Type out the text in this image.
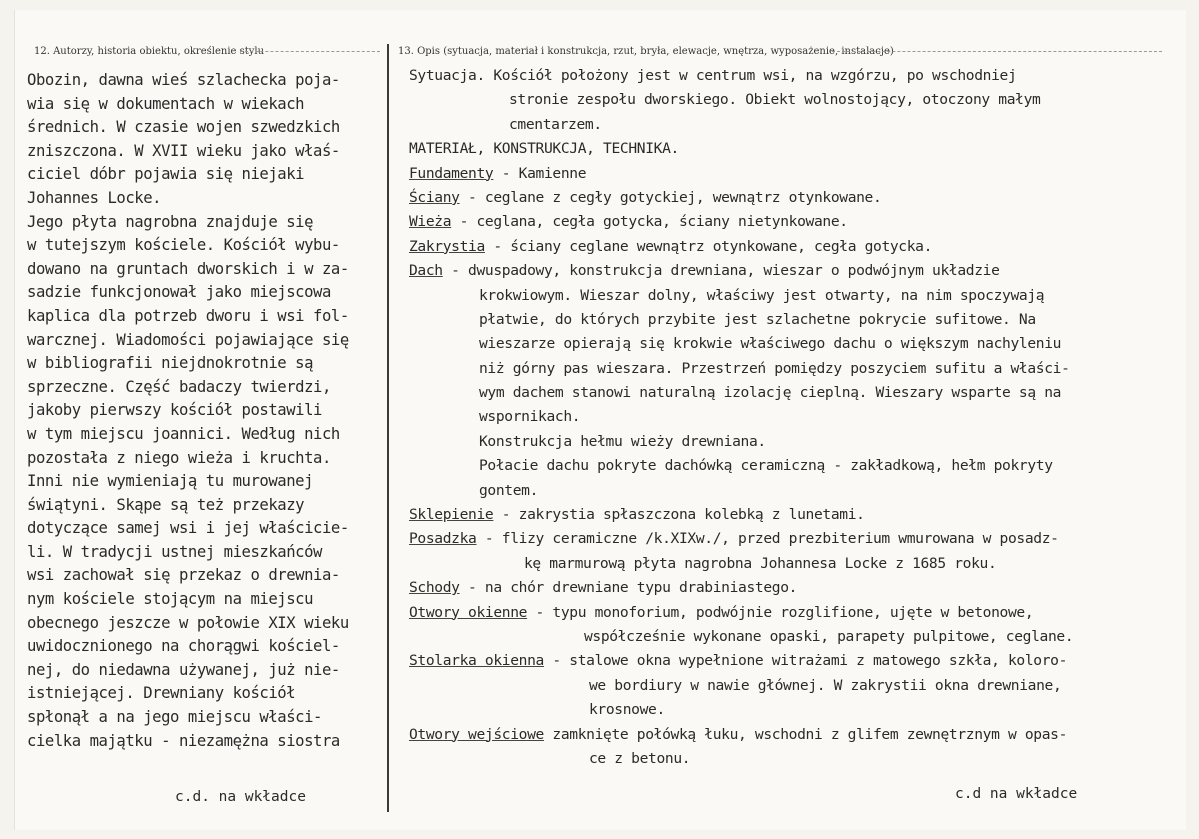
12. Autorzy, historia obiektu, określenie stylu	13. Opis (sytuacja, materiał i konstrukcja, rzut, bryła, elewacje, wnętrza, wyposażenie, instalacje)
Obozin, dawna wieś szlachecka poja-
wia się w dokumentach w wiekach
średnich. W czasie wojen szwedzkich
zniszczona. W XVII wieku jako właś-
ciciel dóbr pojawia się niejaki
Johannes Locke.
Jego płyta nagrobna znajduje się
w tutejszym kościele. Kościół wybu-
dowano na gruntach dworskich i w za-
sadzie funkcjonował jako miejscowa
kaplica dla potrzeb dworu i wsi fol-
warcznej. Wiadomości pojawiające się
w bibliografii niejdnokrotnie są
sprzeczne. Część badaczy twierdzi,
jakoby pierwszy kościół postawili
w tym miejscu joannici. Według nich
pozostała z niego wieża i kruchta.
Inni nie wymieniają tu murowanej
świątyni. Skąpe są też przekazy
dotyczące samej wsi i jej właściciе-
li. W tradycji ustnej mieszkańców
wsi zachował się przekaz o drewnia-
nym kościele stojącym na miejscu
obecnego jeszcze w połowie XIX wieku
uwidocznionego na chorągwi kościel-
nej, do niedawna używanej, już nie-
istniejącej. Drewniany kościół
spłonął a na jego miejscu właści-
cielka majątku - niezamężna siostra
c.d. na wkładce
Sytuacja. Kościół położony jest w centrum wsi, na wzgórzu, po wschodniej
stronie zespołu dworskiego. Obiekt wolnostojący, otoczony małym
cmentarzem.
MATERIAŁ, KONSTRUKCJA, TECHNIKA.
Fundamenty - Kamienne
Ściany - ceglane z cegły gotyckiej, wewnątrz otynkowane.
Wieża - ceglana, cegła gotycka, ściany nietynkowane.
Zakrystia - ściany ceglane wewnątrz otynkowane, cegła gotycka.
Dach - dwuspadowy, konstrukcja drewniana, wieszar o podwójnym układzie
krokwiowym. Wieszar dolny, właściwy jest otwarty, na nim spoczywają
płatwie, do których przybite jest szlachetne pokrycie sufitowe. Na
wieszarze opierają się krokwie właściwego dachu o większym nachyleniu
niż górny pas wieszara. Przestrzeń pomiędzy poszyciem sufitu a właści-
wym dachem stanowi naturalną izolację cieplną. Wieszary wsparte są na
wspornikach.
Konstrukcja hełmu wieży drewniana.
Połacie dachu pokryte dachówką ceramiczną - zakładkową, hełm pokryty
gontem.
Sklepienie - zakrystia spłaszczona kolebką z lunetami.
Posadzka - flizy ceramiczne /k.XIXw./, przed prezbiterium wmurowana w posadz-
kę marmurową płyta nagrobna Johannesa Locke z 1685 roku.
Schody - na chór drewniane typu drabiniastego.
Otwory okienne - typu monoforium, podwójnie rozglifione, ujęte w betonowe,
współcześnie wykonane opaski, parapety pulpitowe, ceglane.
Stolarka okienna - stalowe okna wypełnione witrażami z matowego szkła, koloro-
we bordiury w nawie głównej. W zakrystii okna drewniane,
krosnowe.
Otwory wejściowe zamknięte połówką łuku, wschodni z glifem zewnętrznym w opas-
ce z betonu.
c.d na wkładce
